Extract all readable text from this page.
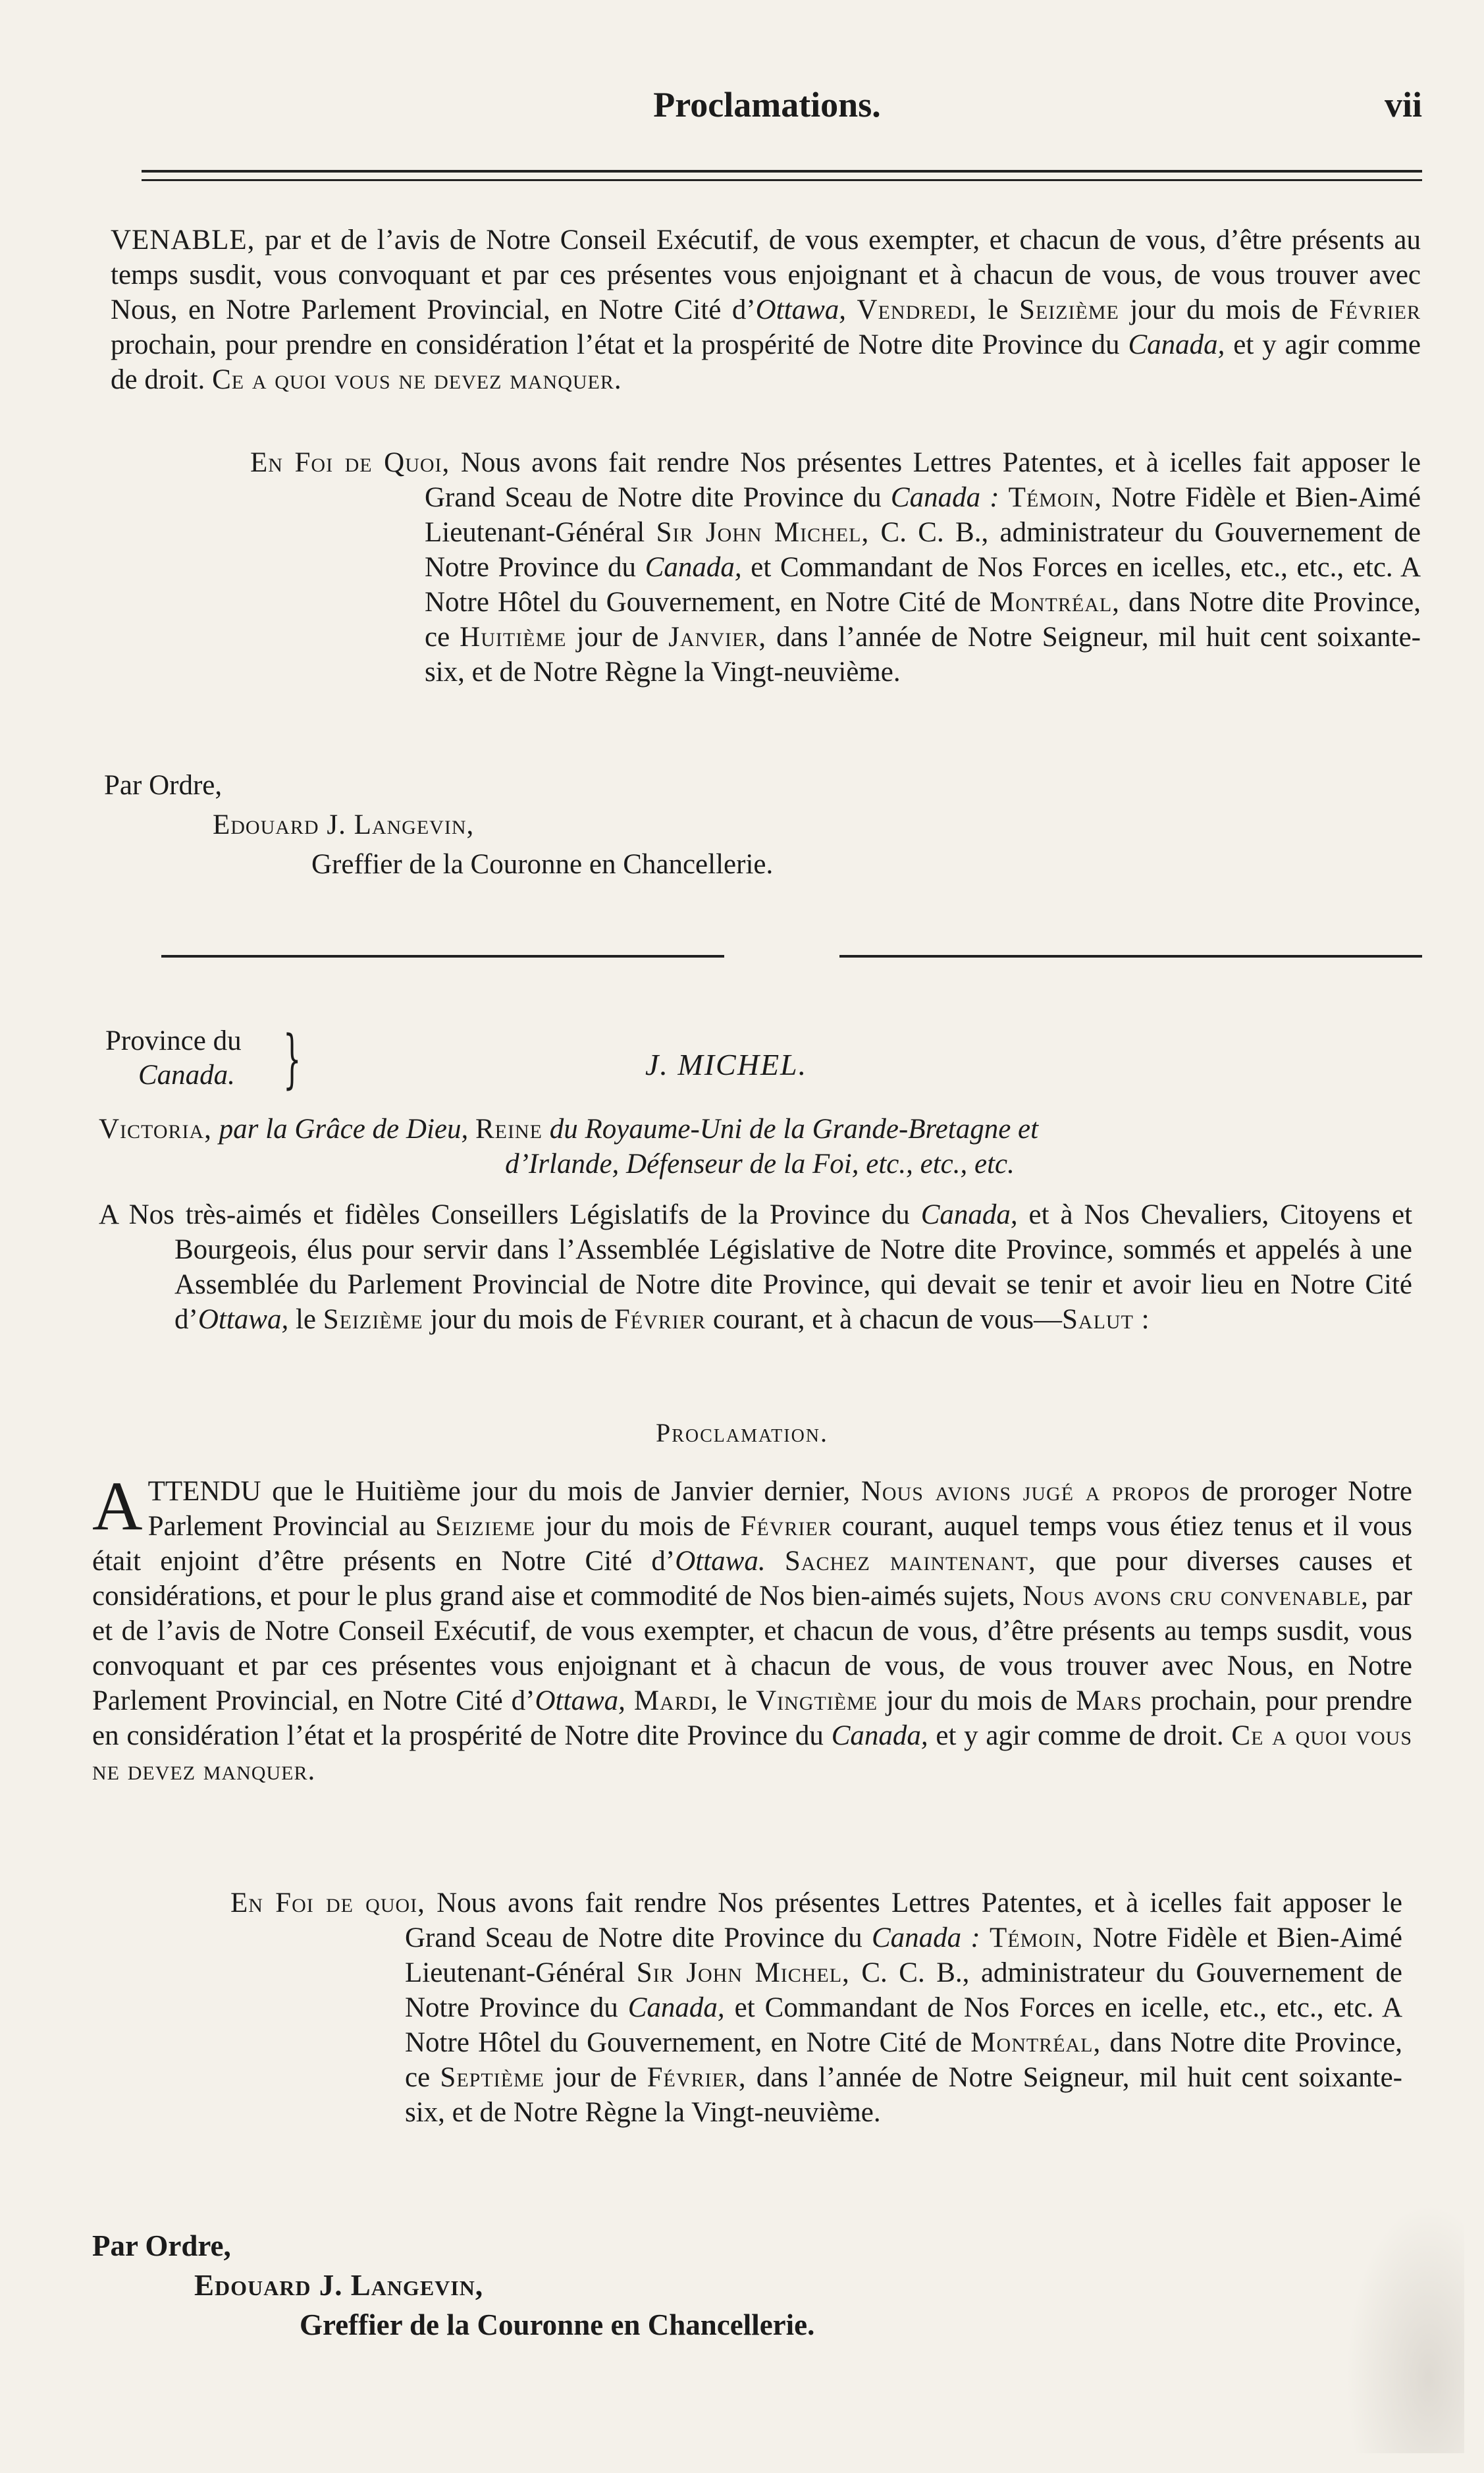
Proclamations.	vii
VENABLE, par et de l’avis de Notre Conseil Exécutif, de vous exempter, et chacun de vous, d’être présents au temps susdit, vous convoquant et par ces présentes vous enjoignant et à chacun de vous, de vous trouver avec Nous, en Notre Parlement Provincial, en Notre Cité d’Ottawa, Vendredi, le Seizième jour du mois de Février prochain, pour prendre en considération l’état et la prospérité de Notre dite Province du Canada, et y agir comme de droit. Ce a quoi vous ne devez manquer.
En Foi de Quoi, Nous avons fait rendre Nos présentes Lettres Patentes, et à icelles fait apposer le Grand Sceau de Notre dite Province du Canada : Témoin, Notre Fidèle et Bien-Aimé Lieutenant-Général Sir John Michel, C. C. B., administrateur du Gouvernement de Notre Province du Canada, et Commandant de Nos Forces en icelles, etc., etc., etc. A Notre Hôtel du Gouvernement, en Notre Cité de Montréal, dans Notre dite Province, ce Huitième jour de Janvier, dans l’année de Notre Seigneur, mil huit cent soixante-six, et de Notre Règne la Vingt-neuvième.
Par Ordre,
Edouard J. Langevin,
Greffier de la Couronne en Chancellerie.
Province du
Canada. }	J. MICHEL.
Victoria, par la Grâce de Dieu, Reine du Royaume-Uni de la Grande-Bretagne et
d’Irlande, Défenseur de la Foi, etc., etc., etc.
A Nos très-aimés et fidèles Conseillers Législatifs de la Province du Canada, et à Nos Chevaliers, Citoyens et Bourgeois, élus pour servir dans l’Assemblée Législative de Notre dite Province, sommés et appelés à une Assemblée du Parlement Provincial de Notre dite Province, qui devait se tenir et avoir lieu en Notre Cité d’Ottawa, le Seizième jour du mois de Février courant, et à chacun de vous—Salut :
Proclamation.
ATTENDU que le Huitième jour du mois de Janvier dernier, Nous avions jugé a propos de proroger Notre Parlement Provincial au Seizieme jour du mois de Février courant, auquel temps vous étiez tenus et il vous était enjoint d’être présents en Notre Cité d’Ottawa. Sachez maintenant, que pour diverses causes et considérations, et pour le plus grand aise et commodité de Nos bien-aimés sujets, Nous avons cru convenable, par et de l’avis de Notre Conseil Exécutif, de vous exempter, et chacun de vous, d’être présents au temps susdit, vous convoquant et par ces présentes vous enjoignant et à chacun de vous, de vous trouver avec Nous, en Notre Parlement Provincial, en Notre Cité d’Ottawa, Mardi, le Vingtième jour du mois de Mars prochain, pour prendre en considération l’état et la prospérité de Notre dite Province du Canada, et y agir comme de droit. Ce a quoi vous ne devez manquer.
En Foi de quoi, Nous avons fait rendre Nos présentes Lettres Patentes, et à icelles fait apposer le Grand Sceau de Notre dite Province du Canada : Témoin, Notre Fidèle et Bien-Aimé Lieutenant-Général Sir John Michel, C. C. B., administrateur du Gouvernement de Notre Province du Canada, et Commandant de Nos Forces en icelle, etc., etc., etc. A Notre Hôtel du Gouvernement, en Notre Cité de Montréal, dans Notre dite Province, ce Septième jour de Février, dans l’année de Notre Seigneur, mil huit cent soixante-six, et de Notre Règne la Vingt-neuvième.
Par Ordre,
Edouard J. Langevin,
Greffier de la Couronne en Chancellerie.
